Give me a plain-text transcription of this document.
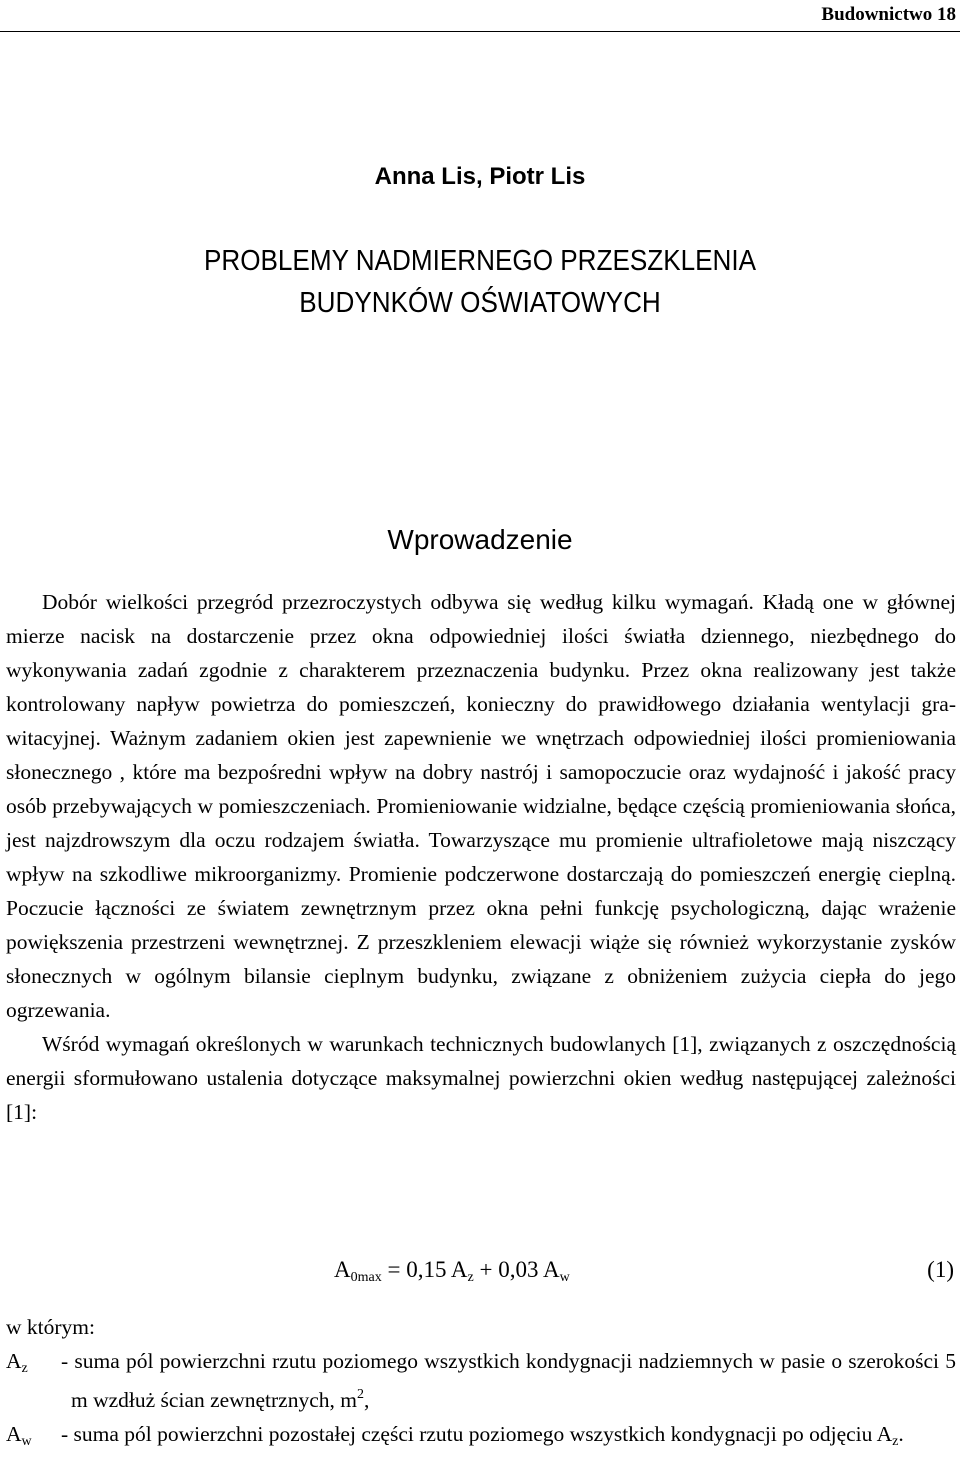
Budownictwo 18
Anna Lis, Piotr Lis
PROBLEMY NADMIERNEGO PRZESZKLENIA
BUDYNKÓW OŚWIATOWYCH
Wprowadzenie

Dobór wielkości przegród przezroczystych odbywa się według kilku wymagań. Kładą one w głównej mierze nacisk na dostarczenie przez okna odpowiedniej ilości światła dziennego, niezbędnego do wykonywania zadań zgodnie z charakterem przeznaczenia budynku. Przez okna realizowany jest także kontrolowany napływ powietrza do pomieszczeń, konieczny do prawidłowego działania wentylacji grawitacyjnej. Ważnym zadaniem okien jest zapewnienie we wnętrzach odpowiedniej ilości promieniowania słonecznego , które ma bezpośredni wpływ na dobry nastrój i samopoczucie oraz wydajność i jakość pracy osób przebywających w pomieszczeniach. Promieniowanie widzialne, będące częścią promieniowania słońca, jest najzdrowszym dla oczu rodzajem światła. Towarzyszące mu promienie ultrafioletowe mają niszczący wpływ na szkodliwe mikroorganizmy. Promienie podczerwone dostarczają do pomieszczeń energię cieplną. Poczucie łączności ze światem zewnętrznym przez okna pełni funkcję psychologiczną, dając wrażenie powiększenia przestrzeni wewnętrznej. Z przeszkleniem elewacji wiąże się również wykorzystanie zysków słonecznych w ogólnym bilansie cieplnym budynku, związane z obniżeniem zużycia ciepła do jego ogrzewania.

Wśród wymagań określonych w warunkach technicznych budowlanych [1], związanych z oszczędnością energii sformułowano ustalenia dotyczące maksymalnej powierzchni okien według następującej zależności [1]:

$A_{0max} = 0,15$ $A_z + 0,03$ $A_w$	(1)
w którym:
$A_z$	- suma pól powierzchni rzutu poziomego wszystkich kondygnacji nadziemnych w pasie o szerokości 5 m wzdłuż ścian zewnętrznych, $m^2$,
$A_w$	- suma pól powierzchni pozostałej części rzutu poziomego wszystkich kondygnacji po odjęciu $A_z$.
